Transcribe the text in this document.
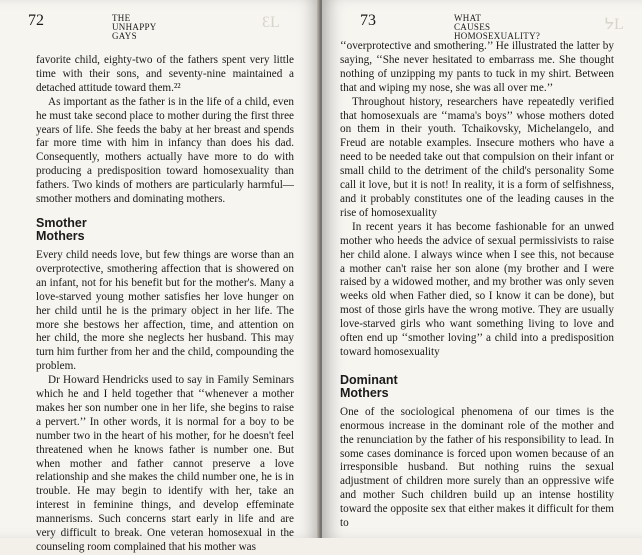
72	THE
UNHAPPY
GAYS
ƐL

favorite child, eighty-two of the fathers spent very little time with their sons, and seventy-nine maintained a detached attitude toward them.²²

As important as the father is in the life of a child, even he must take second place to mother during the first three years of life. She feeds the baby at her breast and spends far more time with him in infancy than does his dad. Consequently, mothers actually have more to do with producing a predisposition toward homosexuality than fathers. Two kinds of mothers are particularly harmful—smother mothers and dominating mothers.

Smother
Mothers

Every child needs love, but few things are worse than an overprotective, smothering affection that is showered on an infant, not for his benefit but for the mother's. Many a love-starved young mother satisfies her love hunger on her child until he is the primary object in her life. The more she bestows her affection, time, and attention on her child, the more she neglects her husband. This may turn him further from her and the child, compounding the problem.

Dr Howard Hendricks used to say in Family Seminars which he and I held together that ‘‘whenever a mother makes her son number one in her life, she begins to raise a pervert.’’ In other words, it is normal for a boy to be number two in the heart of his mother, for he doesn't feel threatened when he knows father is number one. But when mother and father cannot preserve a love relationship and she makes the child number one, he is in trouble. He may begin to identify with her, take an interest in feminine things, and develop effeminate mannerisms. Such concerns start early in life and are very difficult to break. One veteran homosexual in the counseling room complained that his mother was

73	WHAT
CAUSES
HOMOSEXUALITY?
ᔭL

‘‘overprotective and smothering.’’ He illustrated the latter by saying, ‘‘She never hesitated to embarrass me. She thought nothing of unzipping my pants to tuck in my shirt. Between that and wiping my nose, she was all over me.’’

Throughout history, researchers have repeatedly verified that homosexuals are ‘‘mama's boys’’ whose mothers doted on them in their youth. Tchaikovsky, Michelangelo, and Freud are notable examples. Insecure mothers who have a need to be needed take out that compulsion on their infant or small child to the detriment of the child's personality Some call it love, but it is not! In reality, it is a form of selfishness, and it probably constitutes one of the leading causes in the rise of homosexuality

In recent years it has become fashionable for an unwed mother who heeds the advice of sexual permissivists to raise her child alone. I always wince when I see this, not because a mother can't raise her son alone (my brother and I were raised by a widowed mother, and my brother was only seven weeks old when Father died, so I know it can be done), but most of those girls have the wrong motive. They are usually love-starved girls who want something living to love and often end up ‘‘smother loving’’ a child into a predisposition toward homosexuality

Dominant
Mothers

One of the sociological phenomena of our times is the enormous increase in the dominant role of the mother and the renunciation by the father of his responsibility to lead. In some cases dominance is forced upon women because of an irresponsible husband. But nothing ruins the sexual adjustment of children more surely than an oppressive wife and mother Such children build up an intense hostility toward the opposite sex that either makes it difficult for them to
